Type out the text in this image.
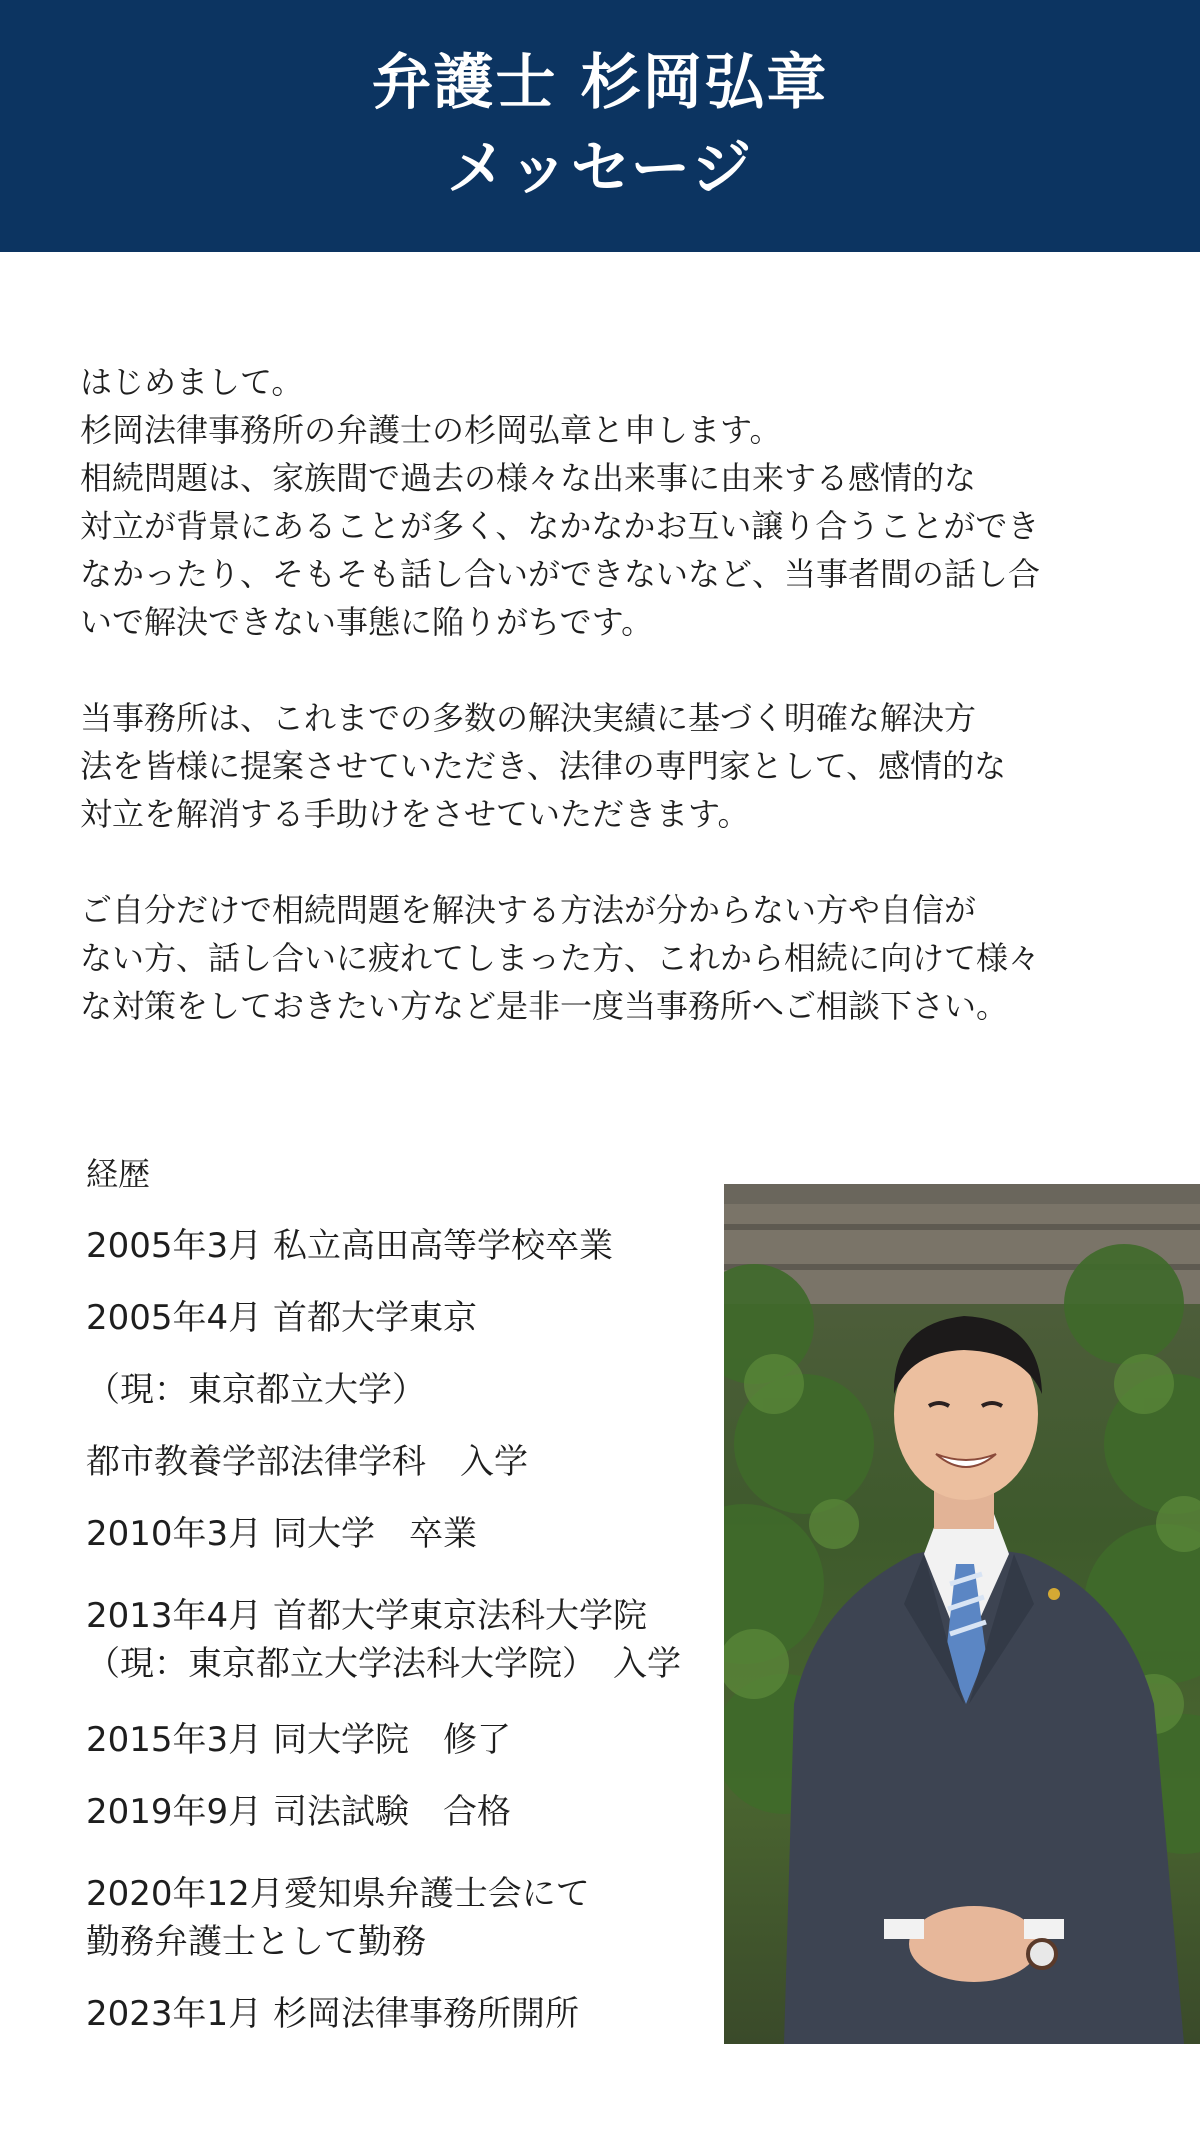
弁護士 杉岡弘章
メッセージ
はじめまして。
杉岡法律事務所の弁護士の杉岡弘章と申します。
相続問題は、家族間で過去の様々な出来事に由来する感情的な
対立が背景にあることが多く、なかなかお互い譲り合うことができ
なかったり、そもそも話し合いができないなど、当事者間の話し合
いで解決できない事態に陥りがちです。
当事務所は、これまでの多数の解決実績に基づく明確な解決方
法を皆様に提案させていただき、法律の専門家として、感情的な
対立を解消する手助けをさせていただきます。
ご自分だけで相続問題を解決する方法が分からない方や自信が
ない方、話し合いに疲れてしまった方、これから相続に向けて様々
な対策をしておきたい方など是非一度当事務所へご相談下さい。
経歴
2005年3月 私立高田高等学校卒業
2005年4月 首都大学東京
（現：東京都立大学）
都市教養学部法律学科　入学
2010年3月 同大学　卒業
2013年4月 首都大学東京法科大学院
（現：東京都立大学法科大学院）　入学
2015年3月 同大学院　修了
2019年9月 司法試験　合格
2020年12月愛知県弁護士会にて
勤務弁護士として勤務
2023年1月 杉岡法律事務所開所
